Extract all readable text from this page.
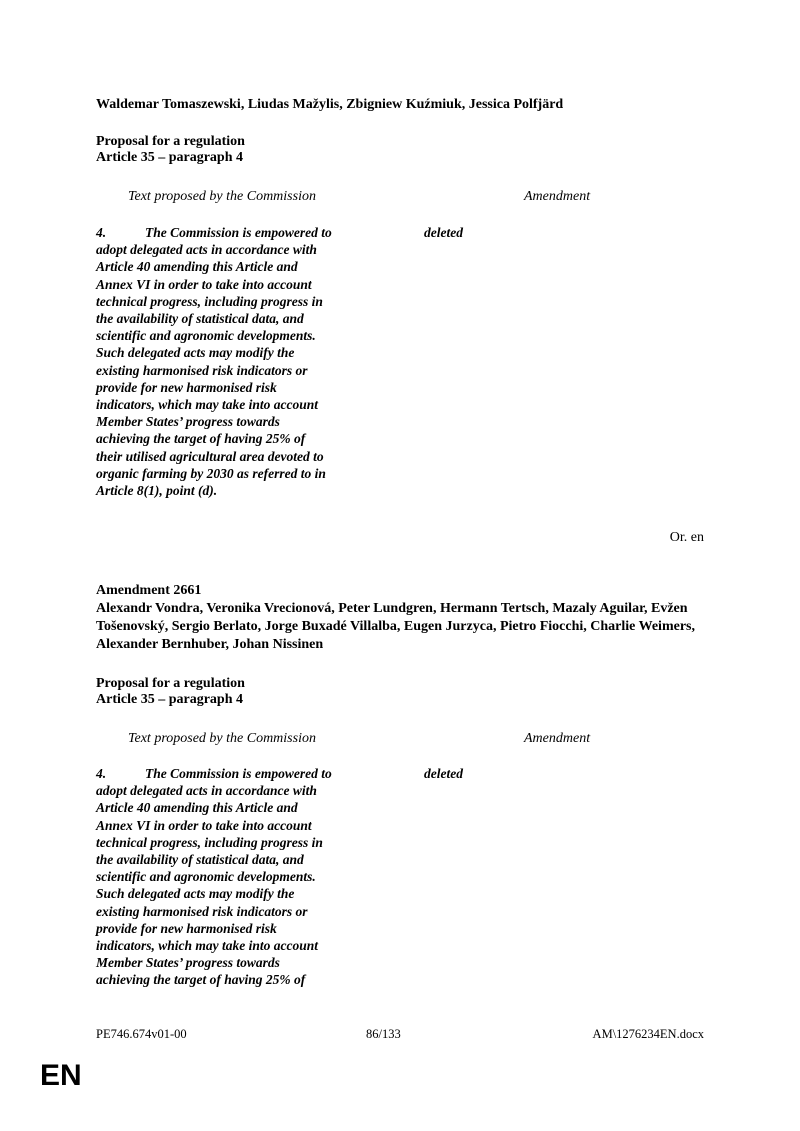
Waldemar Tomaszewski, Liudas Mažylis, Zbigniew Kuźmiuk, Jessica Polfjärd
Proposal for a regulation
Article 35 – paragraph 4
Text proposed by the Commission	Amendment
4.	The Commission is empowered to
adopt delegated acts in accordance with
Article 40 amending this Article and
Annex VI in order to take into account
technical progress, including progress in
the availability of statistical data, and
scientific and agronomic developments.
Such delegated acts may modify the
existing harmonised risk indicators or
provide for new harmonised risk
indicators, which may take into account
Member States’ progress towards
achieving the target of having 25% of
their utilised agricultural area devoted to
organic farming by 2030 as referred to in
Article 8(1), point (d).
deleted
Or. en
Amendment 2661
Alexandr Vondra, Veronika Vrecionová, Peter Lundgren, Hermann Tertsch, Mazaly Aguilar, Evžen Tošenovský, Sergio Berlato, Jorge Buxadé Villalba, Eugen Jurzyca, Pietro Fiocchi, Charlie Weimers, Alexander Bernhuber, Johan Nissinen
Proposal for a regulation
Article 35 – paragraph 4
Text proposed by the Commission	Amendment
4.	The Commission is empowered to
adopt delegated acts in accordance with
Article 40 amending this Article and
Annex VI in order to take into account
technical progress, including progress in
the availability of statistical data, and
scientific and agronomic developments.
Such delegated acts may modify the
existing harmonised risk indicators or
provide for new harmonised risk
indicators, which may take into account
Member States’ progress towards
achieving the target of having 25% of
deleted
PE746.674v01-00	86/133	AM\1276234EN.docx
EN
